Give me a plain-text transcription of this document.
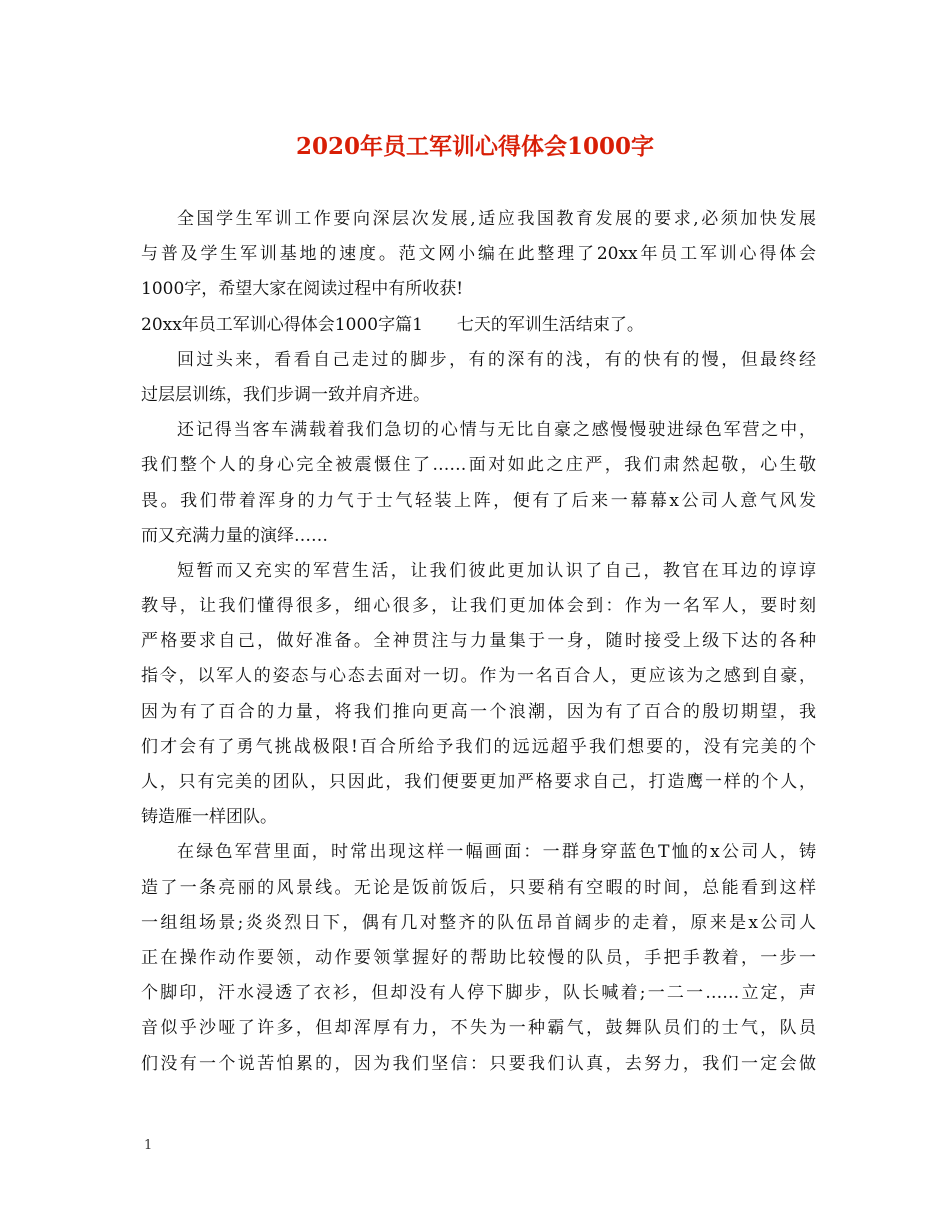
2020年员工军训心得体会1000字
全国学生军训工作要向深层次发展,适应我国教育发展的要求,必须加快发展
与普及学生军训基地的速度。范文网小编在此整理了20xx年员工军训心得体会
1000字，希望大家在阅读过程中有所收获!
20xx年员工军训心得体会1000字篇1 七天的军训生活结束了。
回过头来，看看自己走过的脚步，有的深有的浅，有的快有的慢，但最终经
过层层训练，我们步调一致并肩齐进。
还记得当客车满载着我们急切的心情与无比自豪之感慢慢驶进绿色军营之中，
我们整个人的身心完全被震慑住了……面对如此之庄严，我们肃然起敬，心生敬
畏。我们带着浑身的力气于士气轻装上阵，便有了后来一幕幕x公司人意气风发
而又充满力量的演绎……
短暂而又充实的军营生活，让我们彼此更加认识了自己，教官在耳边的谆谆
教导，让我们懂得很多，细心很多，让我们更加体会到：作为一名军人，要时刻
严格要求自己，做好准备。全神贯注与力量集于一身，随时接受上级下达的各种
指令，以军人的姿态与心态去面对一切。作为一名百合人，更应该为之感到自豪，
因为有了百合的力量，将我们推向更高一个浪潮，因为有了百合的殷切期望，我
们才会有了勇气挑战极限!百合所给予我们的远远超乎我们想要的，没有完美的个
人，只有完美的团队，只因此，我们便要更加严格要求自己，打造鹰一样的个人，
铸造雁一样团队。
在绿色军营里面，时常出现这样一幅画面：一群身穿蓝色T恤的x公司人，铸
造了一条亮丽的风景线。无论是饭前饭后，只要稍有空暇的时间，总能看到这样
一组组场景;炎炎烈日下，偶有几对整齐的队伍昂首阔步的走着，原来是x公司人
正在操作动作要领，动作要领掌握好的帮助比较慢的队员，手把手教着，一步一
个脚印，汗水浸透了衣衫，但却没有人停下脚步，队长喊着;一二一……立定，声
音似乎沙哑了许多，但却浑厚有力，不失为一种霸气，鼓舞队员们的士气，队员
们没有一个说苦怕累的，因为我们坚信：只要我们认真，去努力，我们一定会做
1
